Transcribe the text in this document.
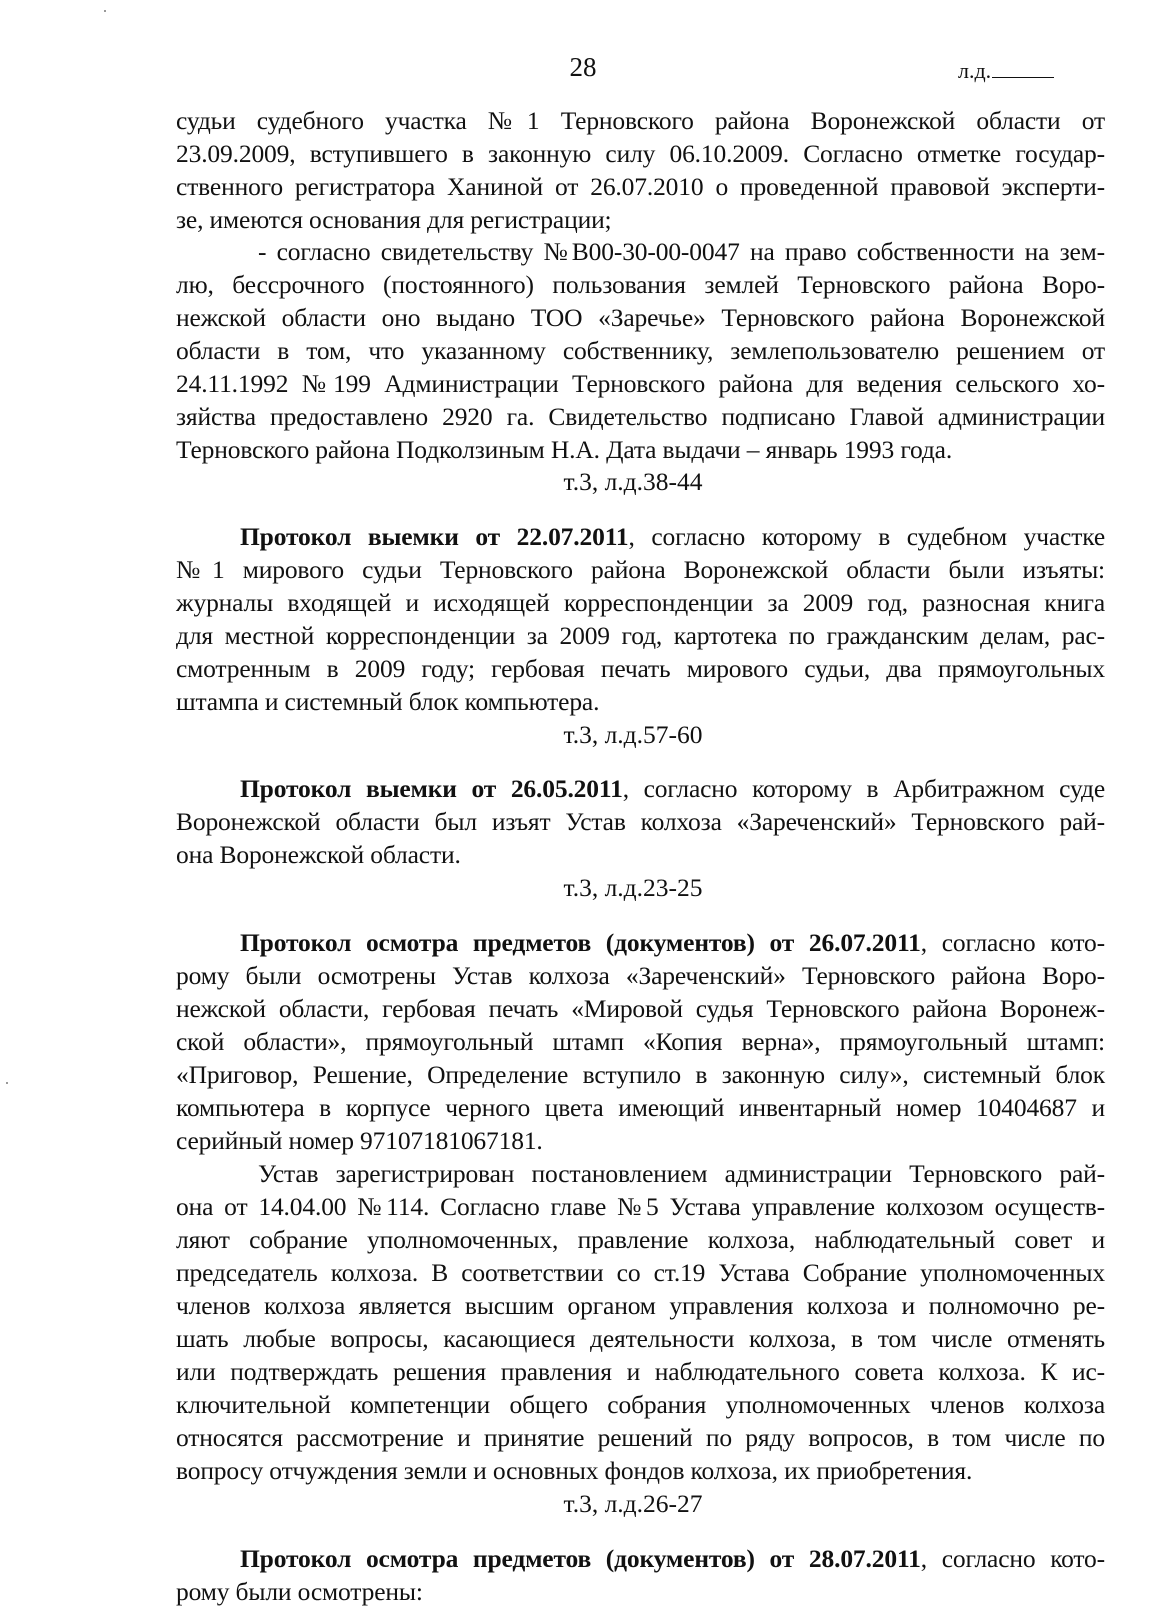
28	л.д.
судьи судебного участка №1 Терновского района Воронежской области от
23.09.2009, вступившего в законную силу 06.10.2009. Согласно отметке государ-
ственного регистратора Ханиной от 26.07.2010 о проведенной правовой эксперти-
зе, имеются основания для регистрации;
- согласно свидетельству №В00-30-00-0047 на право собственности на зем-
лю, бессрочного (постоянного) пользования землей Терновского района Воро-
нежской области оно выдано ТОО «Заречье» Терновского района Воронежской
области в том, что указанному собственнику, землепользователю решением от
24.11.1992 №199 Администрации Терновского района для ведения сельского хо-
зяйства предоставлено 2920 га. Свидетельство подписано Главой администрации
Терновского района Подколзиным Н.А. Дата выдачи – январь 1993 года.
т.3, л.д.38-44
Протокол выемки от 22.07.2011, согласно которому в судебном участке
№1 мирового судьи Терновского района Воронежской области были изъяты:
журналы входящей и исходящей корреспонденции за 2009 год, разносная книга
для местной корреспонденции за 2009 год, картотека по гражданским делам, рас-
смотренным в 2009 году; гербовая печать мирового судьи, два прямоугольных
штампа и системный блок компьютера.
т.3, л.д.57-60
Протокол выемки от 26.05.2011, согласно которому в Арбитражном суде
Воронежской области был изъят Устав колхоза «Зареченский» Терновского рай-
она Воронежской области.
т.3, л.д.23-25
Протокол осмотра предметов (документов) от 26.07.2011, согласно кото-
рому были осмотрены Устав колхоза «Зареченский» Терновского района Воро-
нежской области, гербовая печать «Мировой судья Терновского района Воронеж-
ской области», прямоугольный штамп «Копия верна», прямоугольный штамп:
«Приговор, Решение, Определение вступило в законную силу», системный блок
компьютера в корпусе черного цвета имеющий инвентарный номер 10404687 и
серийный номер 97107181067181.
Устав зарегистрирован постановлением администрации Терновского рай-
она от 14.04.00 №114. Согласно главе №5 Устава управление колхозом осуществ-
ляют собрание уполномоченных, правление колхоза, наблюдательный совет и
председатель колхоза. В соответствии со ст.19 Устава Собрание уполномоченных
членов колхоза является высшим органом управления колхоза и полномочно ре-
шать любые вопросы, касающиеся деятельности колхоза, в том числе отменять
или подтверждать решения правления и наблюдательного совета колхоза. К ис-
ключительной компетенции общего собрания уполномоченных членов колхоза
относятся рассмотрение и принятие решений по ряду вопросов, в том числе по
вопросу отчуждения земли и основных фондов колхоза, их приобретения.
т.3, л.д.26-27
Протокол осмотра предметов (документов) от 28.07.2011, согласно кото-
рому были осмотрены:
